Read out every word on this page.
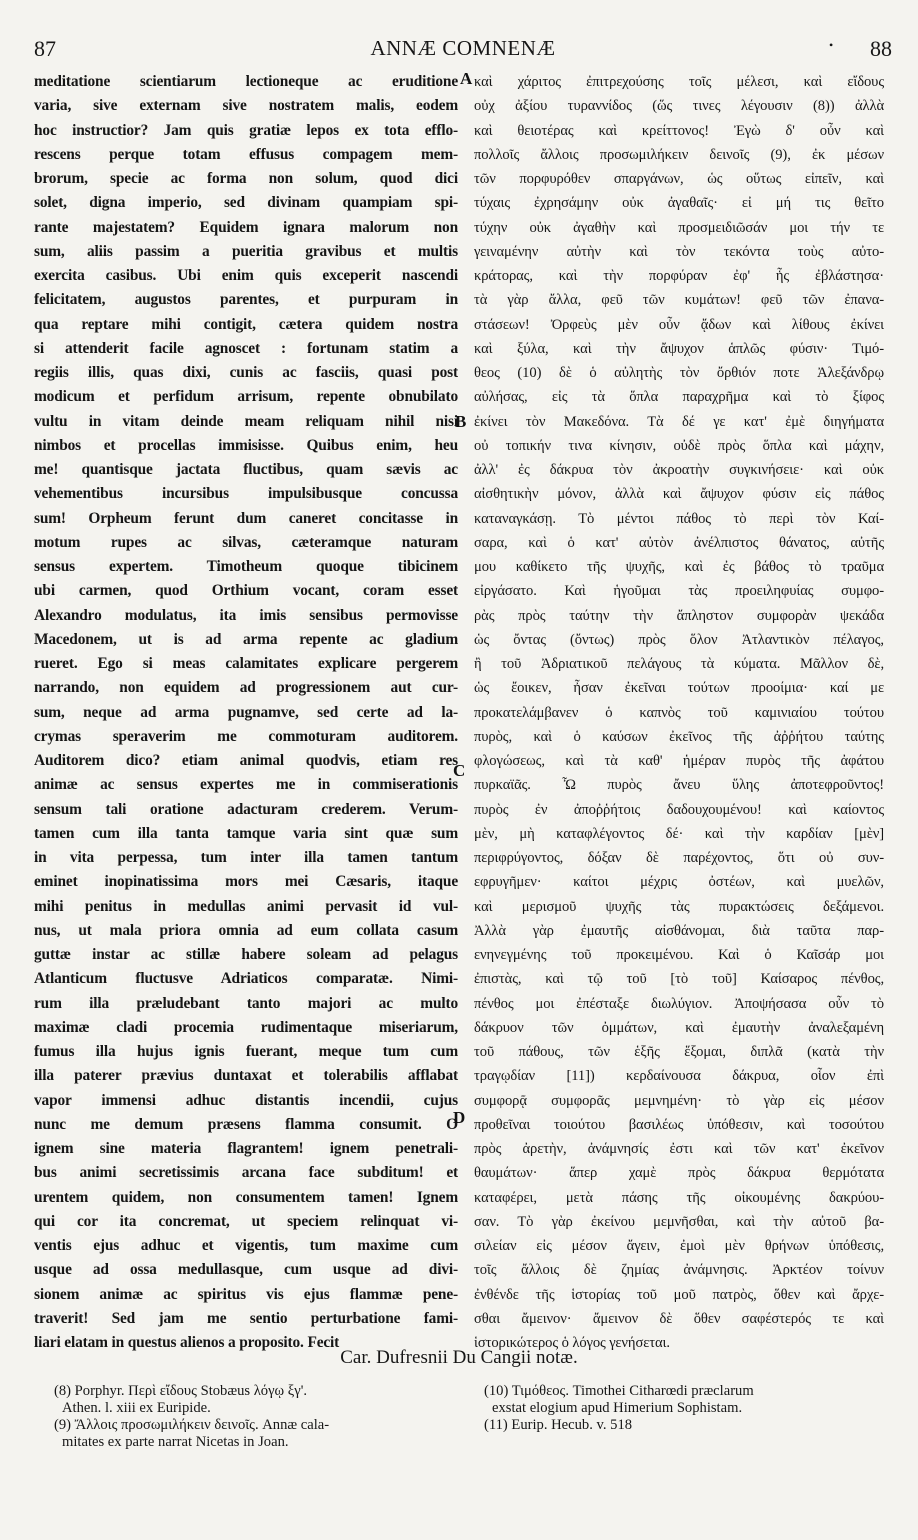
87	ANNÆ COMNENÆ	• 88
meditatione scientiarum lectioneque ac eruditione
varia, sive externam sive nostratem malis, eodem
hoc instructior? Jam quis gratiæ lepos ex tota efflo-
rescens perque totam effusus compagem mem-
brorum, specie ac forma non solum, quod dici
solet, digna imperio, sed divinam quampiam spi-
rante majestatem? Equidem ignara malorum non
sum, aliis passim a pueritia gravibus et multis
exercita casibus. Ubi enim quis exceperit nascendi
felicitatem, augustos parentes, et purpuram in
qua reptare mihi contigit, cætera quidem nostra
si attenderit facile agnoscet : fortunam statim a
regiis illis, quas dixi, cunis ac fasciis, quasi post
modicum et perfidum arrisum, repente obnubilato
vultu in vitam deinde meam reliquam nihil nisi
nimbos et procellas immisisse. Quibus enim, heu
me! quantisque jactata fluctibus, quam sævis ac
vehementibus incursibus impulsibusque concussa
sum! Orpheum ferunt dum caneret concitasse in
motum rupes ac silvas, cæteramque naturam
sensus expertem. Timotheum quoque tibicinem
ubi carmen, quod Orthium vocant, coram esset
Alexandro modulatus, ita imis sensibus permovisse
Macedonem, ut is ad arma repente ac gladium
rueret. Ego si meas calamitates explicare pergerem
narrando, non equidem ad progressionem aut cur-
sum, neque ad arma pugnamve, sed certe ad la-
crymas speraverim me commoturam auditorem.
Auditorem dico? etiam animal quodvis, etiam res
animæ ac sensus expertes me in commiserationis
sensum tali oratione adacturam crederem. Verum-
tamen cum illa tanta tamque varia sint quæ sum
in vita perpessa, tum inter illa tamen tantum
eminet inopinatissima mors mei Cæsaris, itaque
mihi penitus in medullas animi pervasit id vul-
nus, ut mala priora omnia ad eum collata casum
guttæ instar ac stillæ habere soleam ad pelagus
Atlanticum fluctusve Adriaticos comparatæ. Nimi-
rum illa præludebant tanto majori ac multo
maximæ cladi procemia rudimentaque miseriarum,
fumus illa hujus ignis fuerant, meque tum cum
illa paterer prævius duntaxat et tolerabilis afflabat
vapor immensi adhuc distantis incendii, cujus
nunc me demum præsens flamma consumit. O
ignem sine materia flagrantem! ignem penetrali-
bus animi secretissimis arcana face subditum! et
urentem quidem, non consumentem tamen! Ignem
qui cor ita concremat, ut speciem relinquat vi-
ventis ejus adhuc et vigentis, tum maxime cum
usque ad ossa medullasque, cum usque ad divi-
sionem animæ ac spiritus vis ejus flammæ pene-
traverit! Sed jam me sentio perturbatione fami-
liari elatam in questus alienos a proposito. Fecit
καὶ χάριτος ἐπιτρεχούσης τοῖς μέλεσι, καὶ εἴδους
οὐχ ἀξίου τυραννίδος (ὥς τινες λέγουσιν (8)) ἀλλὰ
καὶ θειοτέρας καὶ κρείττονος! Ἐγὼ δ' οὖν καὶ
πολλοῖς ἄλλοις προσωμιλήκειν δεινοῖς (9), ἐκ μέσων
τῶν πορφυρόθεν σπαργάνων, ὡς οὕτως εἰπεῖν, καὶ
τύχαις ἐχρησάμην οὐκ ἀγαθαῖς· εἰ μή τις θεῖτο
τύχην οὐκ ἀγαθὴν καὶ προσμειδιῶσάν μοι τήν τε
γειναμένην αὐτὴν καὶ τὸν τεκόντα τοὺς αὐτο-
κράτορας, καὶ τὴν πορφύραν ἐφ' ἧς ἐβλάστησα·
τὰ γὰρ ἄλλα, φεῦ τῶν κυμάτων! φεῦ τῶν ἐπανα-
στάσεων! Ὀρφεὺς μὲν οὖν ᾄδων καὶ λίθους ἐκίνει
καὶ ξύλα, καὶ τὴν ἄψυχον ἁπλῶς φύσιν· Τιμό-
θεος (10) δὲ ὁ αὐλητὴς τὸν ὄρθιόν ποτε Ἀλεξάνδρῳ
αὐλήσας, εἰς τὰ ὅπλα παραχρῆμα καὶ τὸ ξίφος
ἐκίνει τὸν Μακεδόνα. Τὰ δέ γε κατ' ἐμὲ διηγήματα
οὐ τοπικήν τινα κίνησιν, οὐδὲ πρὸς ὅπλα καὶ μάχην,
ἀλλ' ἐς δάκρυα τὸν ἀκροατὴν συγκινήσειε· καὶ οὐκ
αἰσθητικὴν μόνον, ἀλλὰ καὶ ἄψυχον φύσιν εἰς πάθος
καταναγκάσῃ. Τὸ μέντοι πάθος τὸ περὶ τὸν Καί-
σαρα, καὶ ὁ κατ' αὐτὸν ἀνέλπιστος θάνατος, αὐτῆς
μου καθίκετο τῆς ψυχῆς, καὶ ἐς βάθος τὸ τραῦμα
εἰργάσατο. Καὶ ἡγοῦμαι τὰς προειληφυίας συμφο-
ρὰς πρὸς ταύτην τὴν ἄπληστον συμφορὰν ψεκάδα
ὡς ὄντας (ὄντως) πρὸς ὅλον Ἀτλαντικὸν πέλαγος,
ἢ τοῦ Ἀδριατικοῦ πελάγους τὰ κύματα. Μᾶλλον δὲ,
ὡς ἔοικεν, ἦσαν ἐκεῖναι τούτων προοίμια· καί με
προκατελάμβανεν ὁ καπνὸς τοῦ καμινιαίου τούτου
πυρὸς, καὶ ὁ καύσων ἐκεῖνος τῆς ἀῤῥήτου ταύτης
φλογώσεως, καὶ τὰ καθ' ἡμέραν πυρὸς τῆς ἀφάτου
πυρκαϊᾶς. Ὦ πυρὸς ἄνευ ὕλης ἀποτεφροῦντος!
πυρὸς ἐν ἀποῤῥήτοις δαδουχουμένου! καὶ καίοντος
μὲν, μὴ καταφλέγοντος δέ· καὶ τὴν καρδίαν [μὲν]
περιφρύγοντος, δόξαν δὲ παρέχοντος, ὅτι οὐ συν-
εφρυγῆμεν· καίτοι μέχρις ὀστέων, καὶ μυελῶν,
καὶ μερισμοῦ ψυχῆς τὰς πυρακτώσεις δεξάμενοι.
Ἀλλὰ γὰρ ἐμαυτῆς αἰσθάνομαι, διὰ ταῦτα παρ-
ενηνεγμένης τοῦ προκειμένου. Καὶ ὁ Καῖσάρ μοι
ἐπιστὰς, καὶ τῷ τοῦ [τὸ τοῦ] Καίσαρος πένθος,
πένθος μοι ἐπέσταξε διωλύγιον. Ἀποψήσασα οὖν τὸ
δάκρυον τῶν ὀμμάτων, καὶ ἐμαυτὴν ἀναλεξαμένη
τοῦ πάθους, τῶν ἑξῆς ἕξομαι, διπλᾶ (κατὰ τὴν
τραγῳδίαν [11]) κερδαίνουσα δάκρυα, οἷον ἐπὶ
συμφορᾷ συμφορᾶς μεμνημένη· τὸ γὰρ εἰς μέσον
προθεῖναι τοιούτου βασιλέως ὑπόθεσιν, καὶ τοσούτου
πρὸς ἀρετὴν, ἀνάμνησίς ἐστι καὶ τῶν κατ' ἐκεῖνον
θαυμάτων· ἅπερ χαμὲ πρὸς δάκρυα θερμότατα
καταφέρει, μετὰ πάσης τῆς οἰκουμένης δακρύου-
σαν. Τὸ γὰρ ἐκείνου μεμνῆσθαι, καὶ τὴν αὐτοῦ βα-
σιλείαν εἰς μέσον ἄγειν, ἐμοὶ μὲν θρήνων ὑπόθεσις,
τοῖς ἄλλοις δὲ ζημίας ἀνάμνησις. Ἀρκτέον τοίνυν
ἐνθένδε τῆς ἱστορίας τοῦ μοῦ πατρὸς, ὅθεν καὶ ἄρχε-
σθαι ἄμεινον· ἄμεινον δὲ ὅθεν σαφέστερός τε καὶ
ἱστορικώτερος ὁ λόγος γενήσεται.
A
B
C
D
Car. Dufresnii Du Cangii notæ.
(8) Porphyr. Περὶ εἴδους Stobæus λόγῳ ξγ'.
Athen. l. xiii ex Euripide.
(9) Ἄλλοις προσωμιλήκειν δεινοῖς. Annæ cala-
mitates ex parte narrat Nicetas in Joan.
(10) Τιμόθεος. Timothei Citharœdi præclarum
exstat elogium apud Himerium Sophistam.
(11) Eurip. Hecub. v. 518
